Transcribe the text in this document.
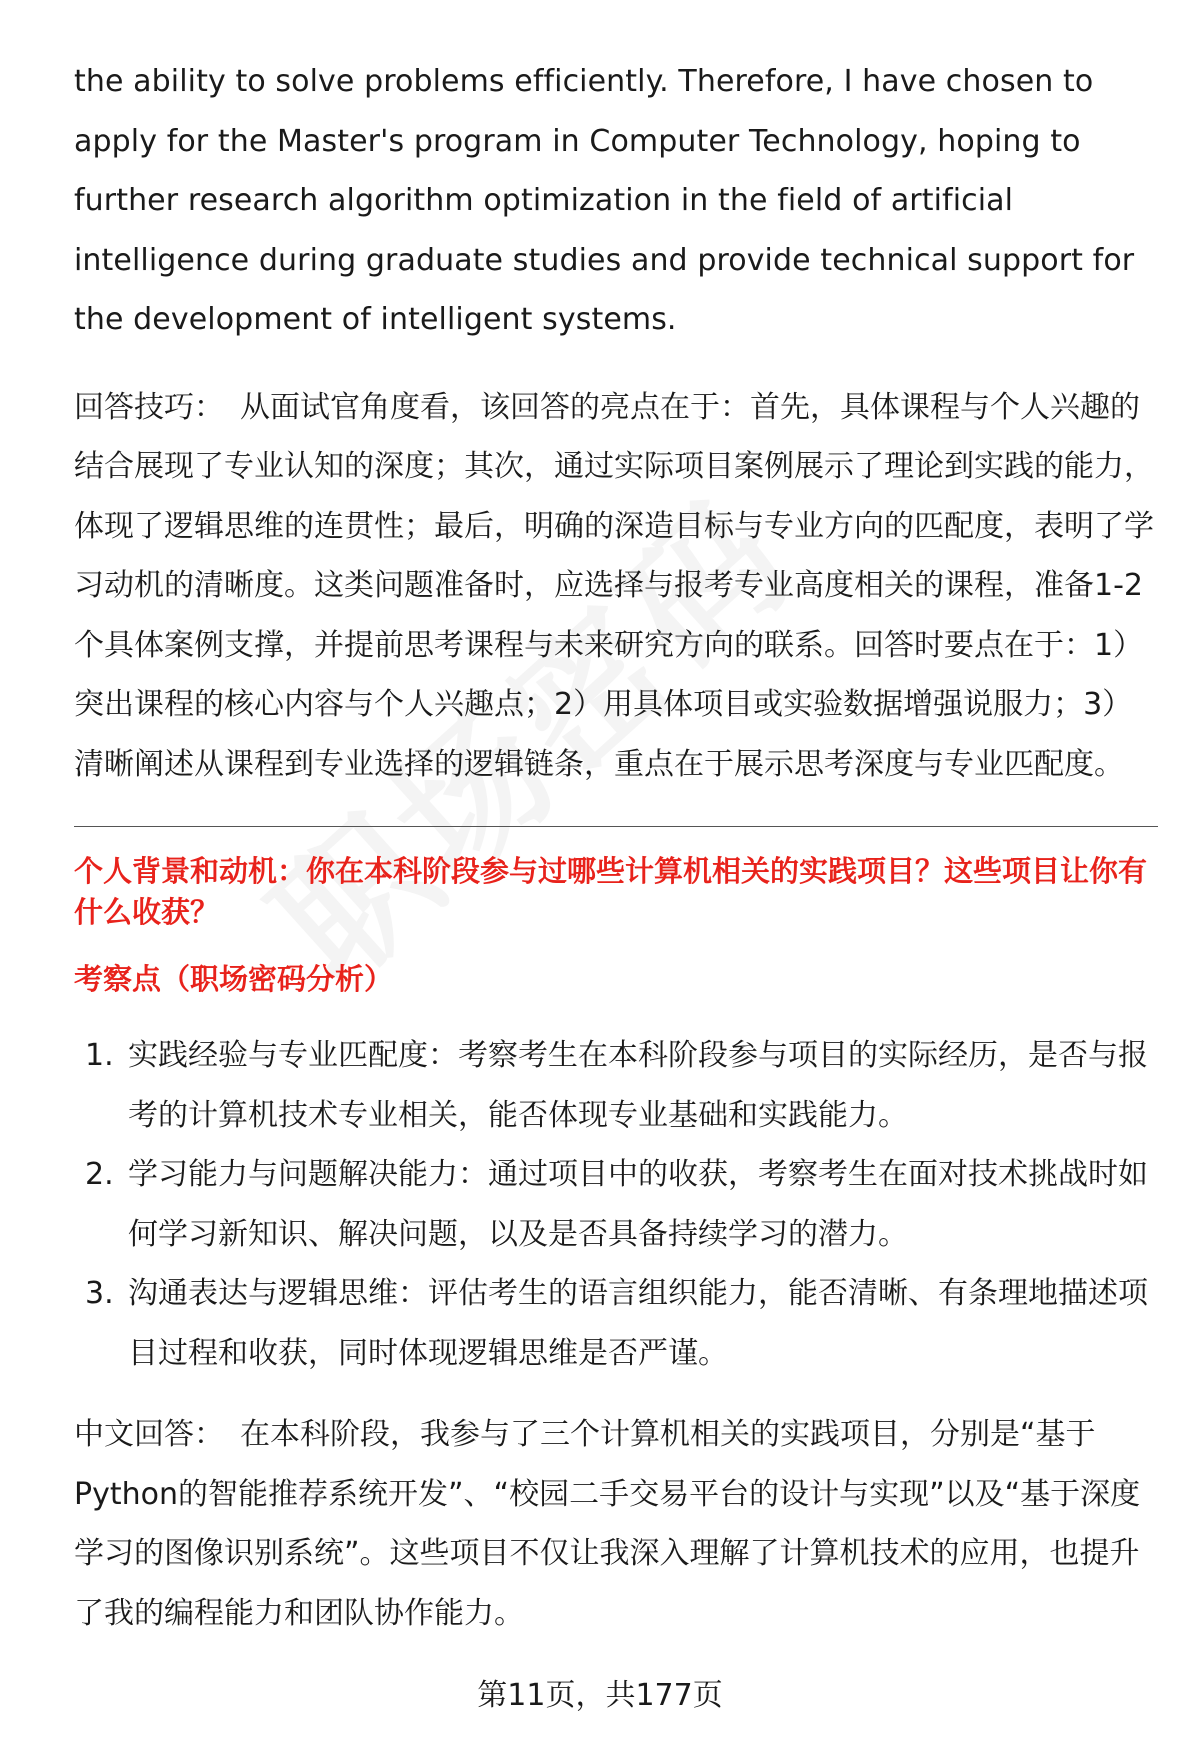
the ability to solve problems efficiently. Therefore, I have chosen to apply for the Master's program in Computer Technology, hoping to further research algorithm optimization in the field of artificial intelligence during graduate studies and provide technical support for the development of intelligent systems.

回答技巧： 从面试官角度看，该回答的亮点在于：首先，具体课程与个人兴趣的结合展现了专业认知的深度；其次，通过实际项目案例展示了理论到实践的能力，体现了逻辑思维的连贯性；最后，明确的深造目标与专业方向的匹配度，表明了学习动机的清晰度。这类问题准备时，应选择与报考专业高度相关的课程，准备1-2个具体案例支撑，并提前思考课程与未来研究方向的联系。回答时要点在于：1）突出课程的核心内容与个人兴趣点；2）用具体项目或实验数据增强说服力；3）清晰阐述从课程到专业选择的逻辑链条，重点在于展示思考深度与专业匹配度。

个人背景和动机：你在本科阶段参与过哪些计算机相关的实践项目？这些项目让你有什么收获？

考察点（职场密码分析）

1. 实践经验与专业匹配度：考察考生在本科阶段参与项目的实际经历，是否与报考的计算机技术专业相关，能否体现专业基础和实践能力。
2. 学习能力与问题解决能力：通过项目中的收获，考察考生在面对技术挑战时如何学习新知识、解决问题，以及是否具备持续学习的潜力。
3. 沟通表达与逻辑思维：评估考生的语言组织能力，能否清晰、有条理地描述项目过程和收获，同时体现逻辑思维是否严谨。

中文回答： 在本科阶段，我参与了三个计算机相关的实践项目，分别是“基于Python的智能推荐系统开发”、“校园二手交易平台的设计与实现”以及“基于深度学习的图像识别系统”。这些项目不仅让我深入理解了计算机技术的应用，也提升了我的编程能力和团队协作能力。

第11页，共177页
